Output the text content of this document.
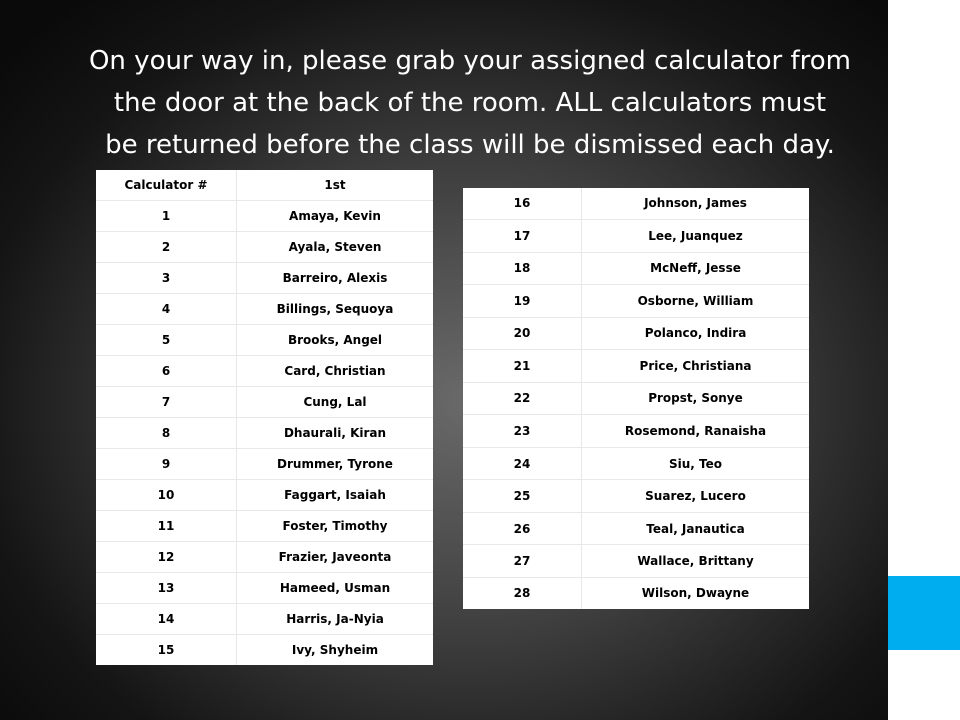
On your way in, please grab your assigned calculator from
the door at the back of the room. ALL calculators must
be returned before the class will be dismissed each day.
Calculator #	1st
1	Amaya, Kevin
2	Ayala, Steven
3	Barreiro, Alexis
4	Billings, Sequoya
5	Brooks, Angel
6	Card, Christian
7	Cung, Lal
8	Dhaurali, Kiran
9	Drummer, Tyrone
10	Faggart, Isaiah
11	Foster, Timothy
12	Frazier, Javeonta
13	Hameed, Usman
14	Harris, Ja-Nyia
15	Ivy, Shyheim
16	Johnson, James
17	Lee, Juanquez
18	McNeff, Jesse
19	Osborne, William
20	Polanco, Indira
21	Price, Christiana
22	Propst, Sonye
23	Rosemond, Ranaisha
24	Siu, Teo
25	Suarez, Lucero
26	Teal, Janautica
27	Wallace, Brittany
28	Wilson, Dwayne
